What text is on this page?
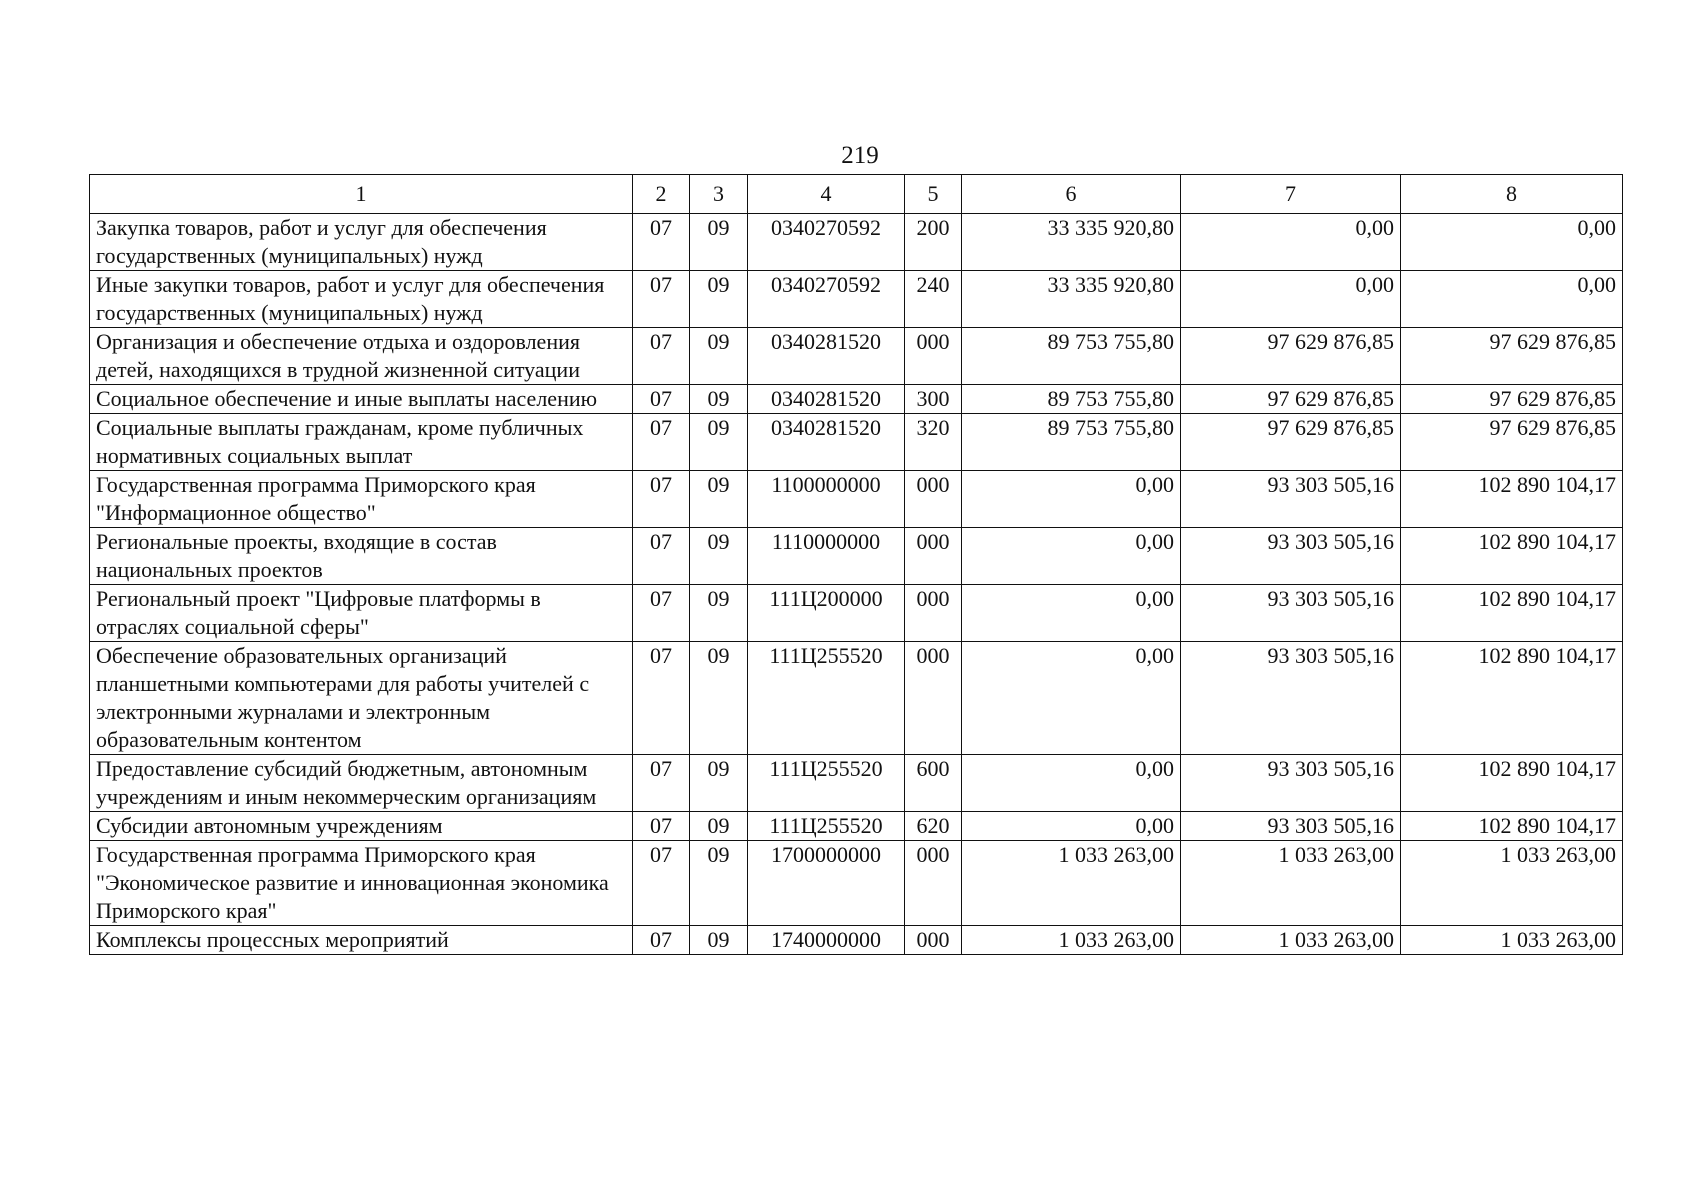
219
1	2	3	4	5	6	7	8
Закупка товаров, работ и услуг для обеспечения государственных (муниципальных) нужд	07	09	0340270592	200	33 335 920,80	0,00	0,00
Иные закупки товаров, работ и услуг для обеспечения государственных (муниципальных) нужд	07	09	0340270592	240	33 335 920,80	0,00	0,00
Организация и обеспечение отдыха и оздоровления детей, находящихся в трудной жизненной ситуации	07	09	0340281520	000	89 753 755,80	97 629 876,85	97 629 876,85
Социальное обеспечение и иные выплаты населению	07	09	0340281520	300	89 753 755,80	97 629 876,85	97 629 876,85
Социальные выплаты гражданам, кроме публичных нормативных социальных выплат	07	09	0340281520	320	89 753 755,80	97 629 876,85	97 629 876,85
Государственная программа Приморского края "Информационное общество"	07	09	1100000000	000	0,00	93 303 505,16	102 890 104,17
Региональные проекты, входящие в состав национальных проектов	07	09	1110000000	000	0,00	93 303 505,16	102 890 104,17
Региональный проект "Цифровые платформы в отраслях социальной сферы"	07	09	111Ц200000	000	0,00	93 303 505,16	102 890 104,17
Обеспечение образовательных организаций планшетными компьютерами для работы учителей с электронными журналами и электронным образовательным контентом	07	09	111Ц255520	000	0,00	93 303 505,16	102 890 104,17
Предоставление субсидий бюджетным, автономным учреждениям и иным некоммерческим организациям	07	09	111Ц255520	600	0,00	93 303 505,16	102 890 104,17
Субсидии автономным учреждениям	07	09	111Ц255520	620	0,00	93 303 505,16	102 890 104,17
Государственная программа Приморского края "Экономическое развитие и инновационная экономика Приморского края"	07	09	1700000000	000	1 033 263,00	1 033 263,00	1 033 263,00
Комплексы процессных мероприятий	07	09	1740000000	000	1 033 263,00	1 033 263,00	1 033 263,00
